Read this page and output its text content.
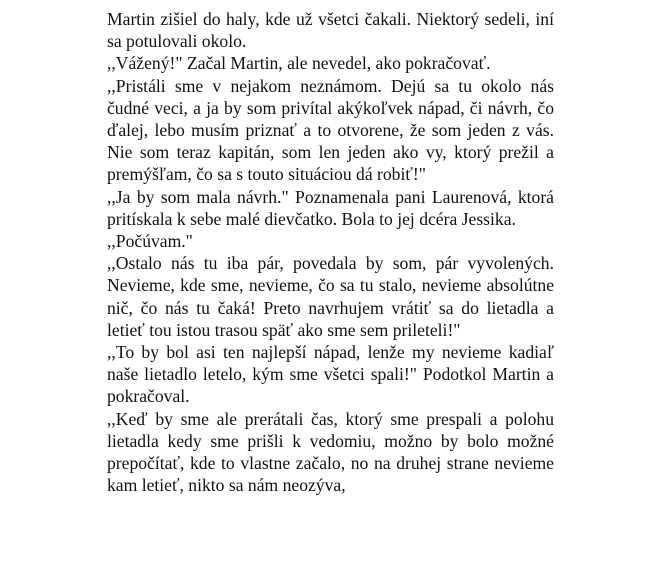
Martin zišiel do haly, kde už všetci čakali. Niektorý sedeli, iní sa potulovali okolo.

,,Vážený!" Začal Martin, ale nevedel, ako pokračovať.

,,Pristáli sme v nejakom neznámom. Dejú sa tu okolo nás čudné veci, a ja by som privítal akýkoľvek nápad, či návrh, čo ďalej, lebo musím priznať a to otvorene, že som jeden z vás. Nie som teraz kapitán, som len jeden ako vy, ktorý prežil a premýšľam, čo sa s touto situáciou dá robiť!"

,,Ja by som mala návrh." Poznamenala pani Laurenová, ktorá pritískala k sebe malé dievčatko. Bola to jej dcéra Jessika.

,,Počúvam."

,,Ostalo nás tu iba pár, povedala by som, pár vyvolených. Nevieme, kde sme, nevieme, čo sa tu stalo, nevieme absolútne nič, čo nás tu čaká! Preto navrhujem vrátiť sa do lietadla a letieť tou istou trasou späť ako sme sem prileteli!"

,,To by bol asi ten najlepší nápad, lenže my nevieme kadiaľ naše lietadlo letelo, kým sme všetci spali!" Podotkol Martin a pokračoval.

,,Keď by sme ale prerátali čas, ktorý sme prespali a polohu lietadla kedy sme prišli k vedomiu, možno by bolo možné prepočítať, kde to vlastne začalo, no na druhej strane nevieme kam letieť, nikto sa nám neozýva,
